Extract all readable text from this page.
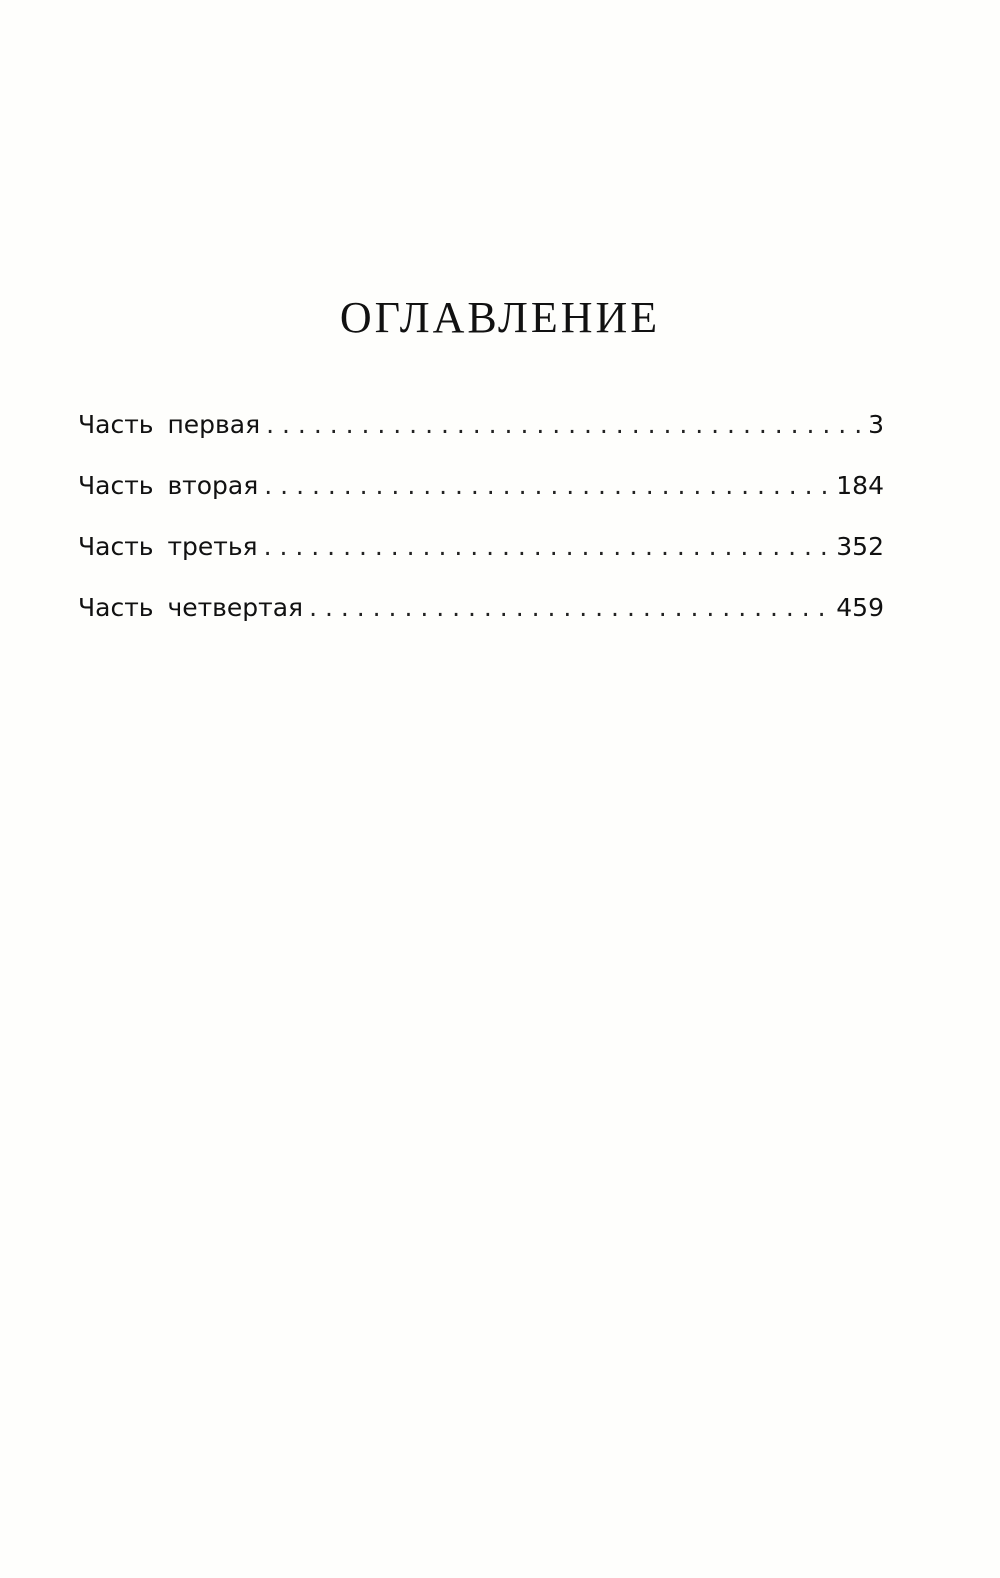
ОГЛАВЛЕНИЕ
Часть первая . . .	3
Часть вторая . . .	184
Часть третья . . .	352
Часть четвертая . . .	459
